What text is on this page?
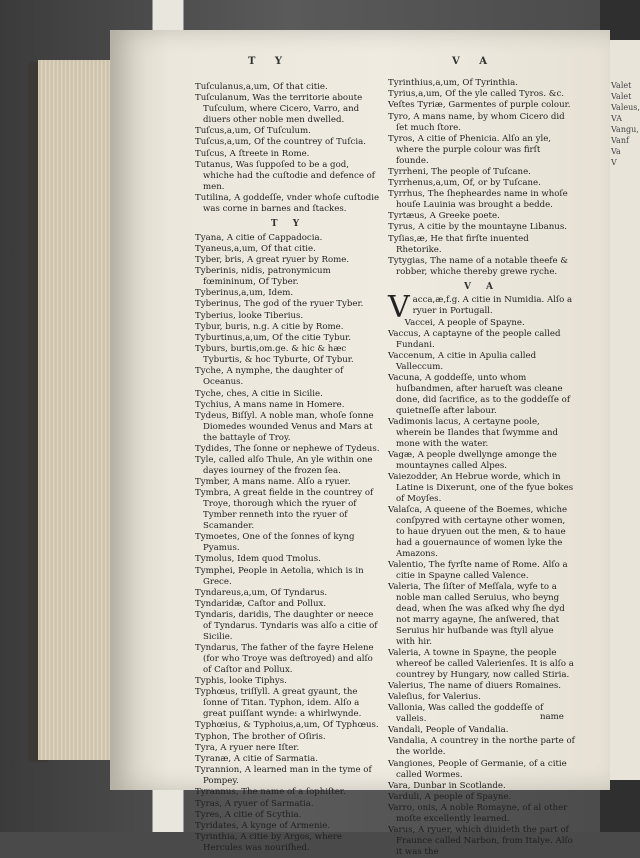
Valet
Valet
Valeus,
VA
Vangu,
Vanf
Va
V
T Y	V A
Tuſculanus,a,um, Of that citie.
Tuſculanum, Was the territorie aboute Tuſculum, where Cicero, Varro, and diuers other noble men dwelled.
Tuſcus,a,um, Of Tuſculum.
Tuſcus,a,um, Of the countrey of Tuſcia.
Tuſcus, A ſtreete in Rome.
Tutanus, Was ſuppoſed to be a god, whiche had the cuſtodie and defence of men.
Tutilina, A goddeſſe, vnder whoſe cuſtodie was corne in barnes and ſtackes.
T Y
Tyana, A citie of Cappadocia.
Tyaneus,a,um, Of that citie.
Tyber, bris, A great ryuer by Rome.
Tyberinis, nidis, patronymicum fœmininum, Of Tyber.
Tyberinus,a,um, Idem.
Tyberinus, The god of the ryuer Tyber.
Tyberius, looke Tiberius.
Tybur, buris, n.g. A citie by Rome.
Tyburtinus,a,um, Of the citie Tybur.
Tyburs, burtis,om.ge. & hic & hæc Tyburtis, & hoc Tyburte, Of Tybur.
Tyche, A nymphe, the daughter of Oceanus.
Tyche, ches, A citie in Sicilie.
Tychius, A mans name in Homere.
Tydeus, Biſſyl. A noble man, whoſe ſonne Diomedes wounded Venus and Mars at the battayle of Troy.
Tydides, The ſonne or nephewe of Tydeus.
Tyle, called alſo Thule, An yle within one dayes iourney of the frozen ſea.
Tymber, A mans name. Alſo a ryuer.
Tymbra, A great fielde in the countrey of Troye, thorough which the ryuer of Tymber renneth into the ryuer of Scamander.
Tymoetes, One of the ſonnes of kyng Pyamus.
Tymolus, Idem quod Tmolus.
Tymphei, People in Aetolia, which is in Grece.
Tyndareus,a,um, Of Tyndarus.
Tyndaridæ, Caſtor and Pollux.
Tyndaris, daridis, The daughter or neece of Tyndarus. Tyndaris was alſo a citie of Sicilie.
Tyndarus, The father of the fayre Helene (for who Troye was deſtroyed) and alſo of Caſtor and Pollux.
Typhis, looke Tiphys.
Typhœus, triſſyll. A great gyaunt, the ſonne of Titan. Typhon, idem. Alſo a great puiſſant wynde: a whirlwynde.
Typhœius, & Typhoius,a,um, Of Typhœus.
Typhon, The brother of Oſiris.
Tyra, A ryuer nere Iſter.
Tyranæ, A citie of Sarmatia.
Tyrannion, A learned man in the tyme of Pompey.
Tyrannus, The name of a ſophiſter.
Tyras, A ryuer of Sarmatia.
Tyres, A citie of Scythia.
Tyridates, A kynge of Armenie.
Tyrinthia, A citie by Argos, where Hercules was nouriſhed.
Tyrinthius,a,um, Of Tyrinthia.
Tyrius,a,um, Of the yle called Tyros. &c.
Veſtes Tyriæ, Garmentes of purple colour.
Tyro, A mans name, by whom Cicero did ſet much ſtore.
Tyros, A citie of Phenicia. Alſo an yle, where the purple colour was firſt founde.
Tyrrheni, The people of Tuſcane.
Tyrrhenus,a,um, Of, or by Tuſcane.
Tyrrhus, The ſhepheardes name in whoſe houſe Lauinia was brought a bedde.
Tyrtæus, A Greeke poete.
Tyrus, A citie by the mountayne Libanus.
Tyſias,æ, He that firſte inuented Rhetorike.
Tytygias, The name of a notable theefe & robber, whiche thereby grewe ryche.
V A
Vacca,æ,f.g. A citie in Numidia. Alſo a ryuer in Portugall.
Vaccei, A people of Spayne.
Vaccus, A captayne of the people called Fundani.
Vaccenum, A citie in Apulia called Valleccum.
Vacuna, A goddeſſe, unto whom huſbandmen, after harueſt was cleane done, did ſacrifice, as to the goddeſſe of quietneſſe after labour.
Vadimonis lacus, A certayne poole, wherein be Ilandes that ſwymme and mone with the water.
Vagæ, A people dwellynge amonge the mountaynes called Alpes.
Vaiezodder, An Hebrue worde, which in Latine is Dixerunt, one of the fyue bokes of Moyſes.
Valaſca, A queene of the Boemes, whiche conſpyred with certayne other women, to haue dryuen out the men, & to haue had a gouernaunce of women lyke the Amazons.
Valentio, The fyrſte name of Rome. Alſo a citie in Spayne called Valence.
Valeria, The ſiſter of Meſſala, wyfe to a noble man called Seruius, who beyng dead, when ſhe was aſked why ſhe dyd not marry agayne, ſhe anſwered, that Seruius hir huſbande was ſtyll alyue with hir.
Valeria, A towne in Spayne, the people whereof be called Valerienſes. It is alſo a countrey by Hungary, now called Stiria.
Valerius, The name of diuers Romaines.
Valeſius, for Valerius.
Vallonia, Was called the goddeſſe of valleis.
Vandali, People of Vandalia.
Vandalia, A countrey in the northe parte of the worlde.
Vangiones, People of Germanie, of a citie called Wormes.
Vara, Dunbar in Scotlande.
Varduli, A people of Spayne.
Varro, onis, A noble Romayne, of al other moſte excellently learned.
Varus, A ryuer, which diuideth the part of Fraunce called Narbon, from Italye. Alſo it was the
name
